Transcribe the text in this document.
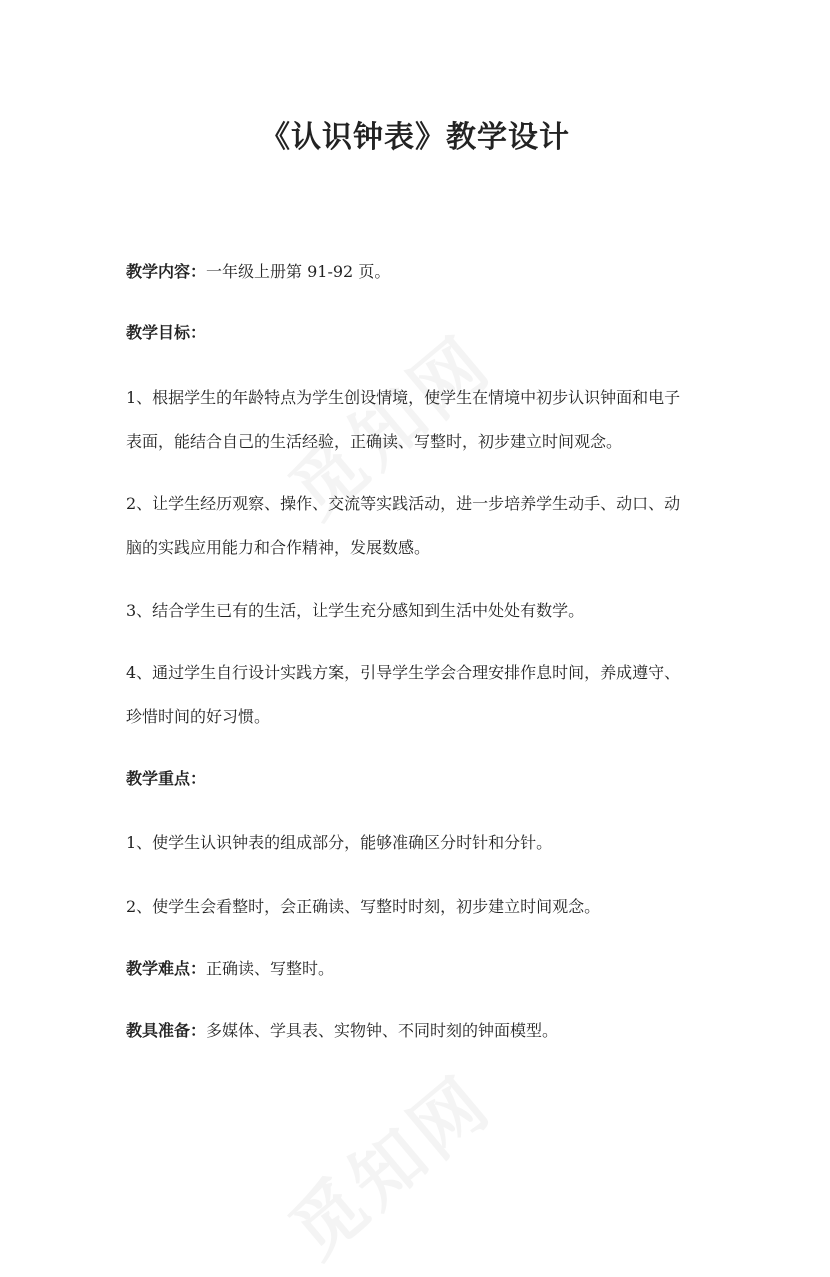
《认识钟表》教学设计
教学内容：一年级上册第 91-92 页。
教学目标：
1、根据学生的年龄特点为学生创设情境，使学生在情境中初步认识钟面和电子
表面，能结合自己的生活经验，正确读、写整时，初步建立时间观念。
2、让学生经历观察、操作、交流等实践活动，进一步培养学生动手、动口、动
脑的实践应用能力和合作精神，发展数感。
3、结合学生已有的生活，让学生充分感知到生活中处处有数学。
4、通过学生自行设计实践方案，引导学生学会合理安排作息时间，养成遵守、
珍惜时间的好习惯。
教学重点：
1、使学生认识钟表的组成部分，能够准确区分时针和分针。
2、使学生会看整时，会正确读、写整时时刻，初步建立时间观念。
教学难点：正确读、写整时。
教具准备：多媒体、学具表、实物钟、不同时刻的钟面模型。
